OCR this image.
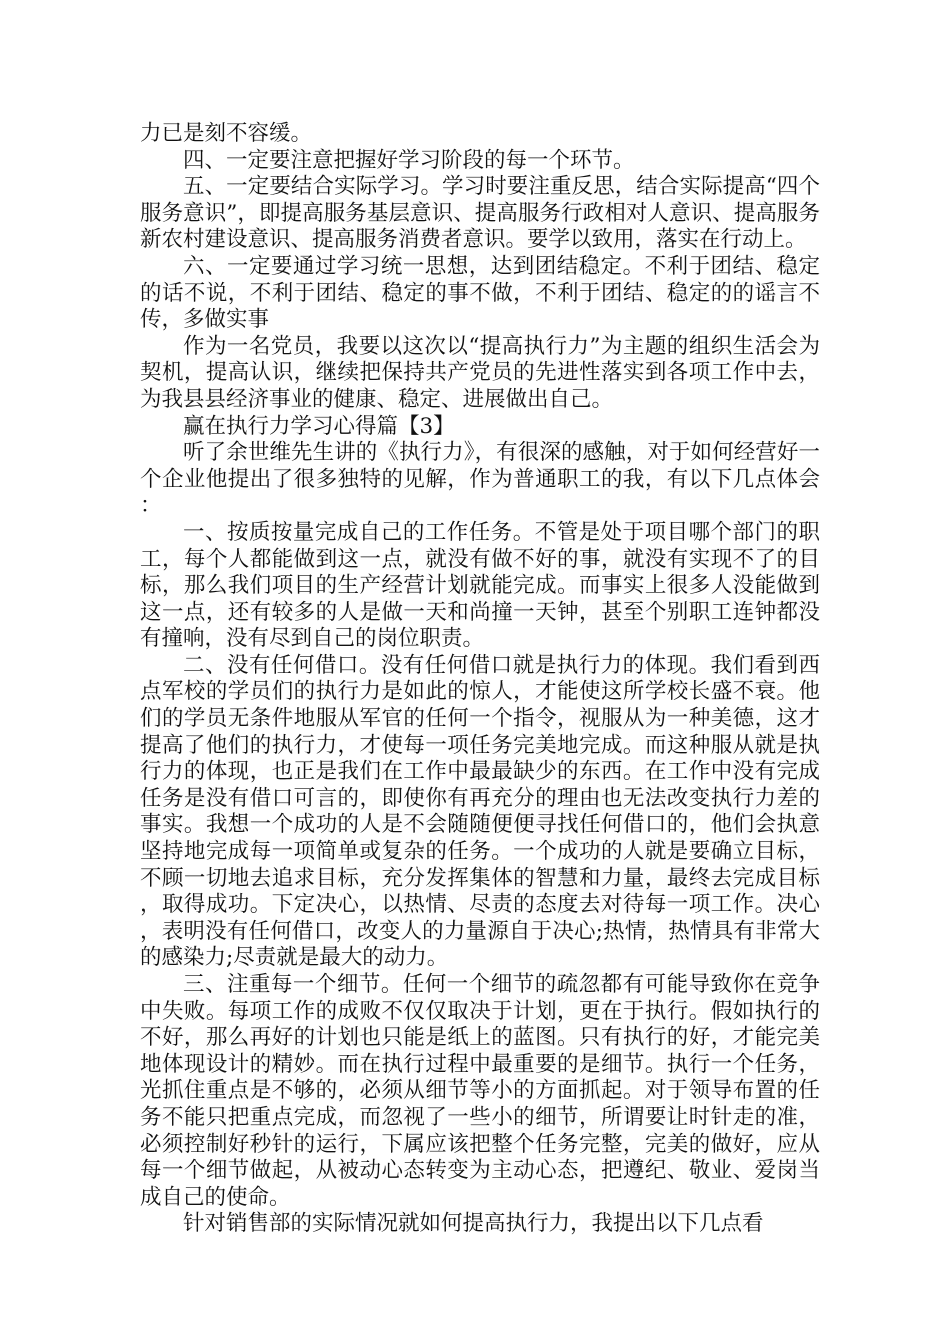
力已是刻不容缓。

四、一定要注意把握好学习阶段的每一个环节。

五、一定要结合实际学习。学习时要注重反思，结合实际提高“四个服务意识”，即提高服务基层意识、提高服务行政相对人意识、提高服务新农村建设意识、提高服务消费者意识。要学以致用，落实在行动上。

六、一定要通过学习统一思想，达到团结稳定。不利于团结、稳定的话不说，不利于团结、稳定的事不做，不利于团结、稳定的的谣言不传，多做实事

作为一名党员，我要以这次以“提高执行力”为主题的组织生活会为契机，提高认识，继续把保持共产党员的先进性落实到各项工作中去，为我县县经济事业的健康、稳定、进展做出自己。

赢在执行力学习心得篇【3】

听了余世维先生讲的《执行力》，有很深的感触，对于如何经营好一个企业他提出了很多独特的见解，作为普通职工的我，有以下几点体会：

一、按质按量完成自己的工作任务。不管是处于项目哪个部门的职工，每个人都能做到这一点，就没有做不好的事，就没有实现不了的目标，那么我们项目的生产经营计划就能完成。而事实上很多人没能做到这一点，还有较多的人是做一天和尚撞一天钟，甚至个别职工连钟都没有撞响，没有尽到自己的岗位职责。

二、没有任何借口。没有任何借口就是执行力的体现。我们看到西点军校的学员们的执行力是如此的惊人，才能使这所学校长盛不衰。他们的学员无条件地服从军官的任何一个指令，视服从为一种美德，这才提高了他们的执行力，才使每一项任务完美地完成。而这种服从就是执行力的体现，也正是我们在工作中最最缺少的东西。在工作中没有完成任务是没有借口可言的，即使你有再充分的理由也无法改变执行力差的事实。我想一个成功的人是不会随随便便寻找任何借口的，他们会执意坚持地完成每一项简单或复杂的任务。一个成功的人就是要确立目标，不顾一切地去追求目标，充分发挥集体的智慧和力量，最终去完成目标，取得成功。下定决心，以热情、尽责的态度去对待每一项工作。决心，表明没有任何借口，改变人的力量源自于决心;热情，热情具有非常大的感染力;尽责就是最大的动力。

三、注重每一个细节。任何一个细节的疏忽都有可能导致你在竞争中失败。每项工作的成败不仅仅取决于计划，更在于执行。假如执行的不好，那么再好的计划也只能是纸上的蓝图。只有执行的好，才能完美地体现设计的精妙。而在执行过程中最重要的是细节。执行一个任务，光抓住重点是不够的，必须从细节等小的方面抓起。对于领导布置的任务不能只把重点完成，而忽视了一些小的细节，所谓要让时针走的准，必须控制好秒针的运行，下属应该把整个任务完整，完美的做好，应从每一个细节做起，从被动心态转变为主动心态，把遵纪、敬业、爱岗当成自己的使命。

针对销售部的实际情况就如何提高执行力，我提出以下几点看
